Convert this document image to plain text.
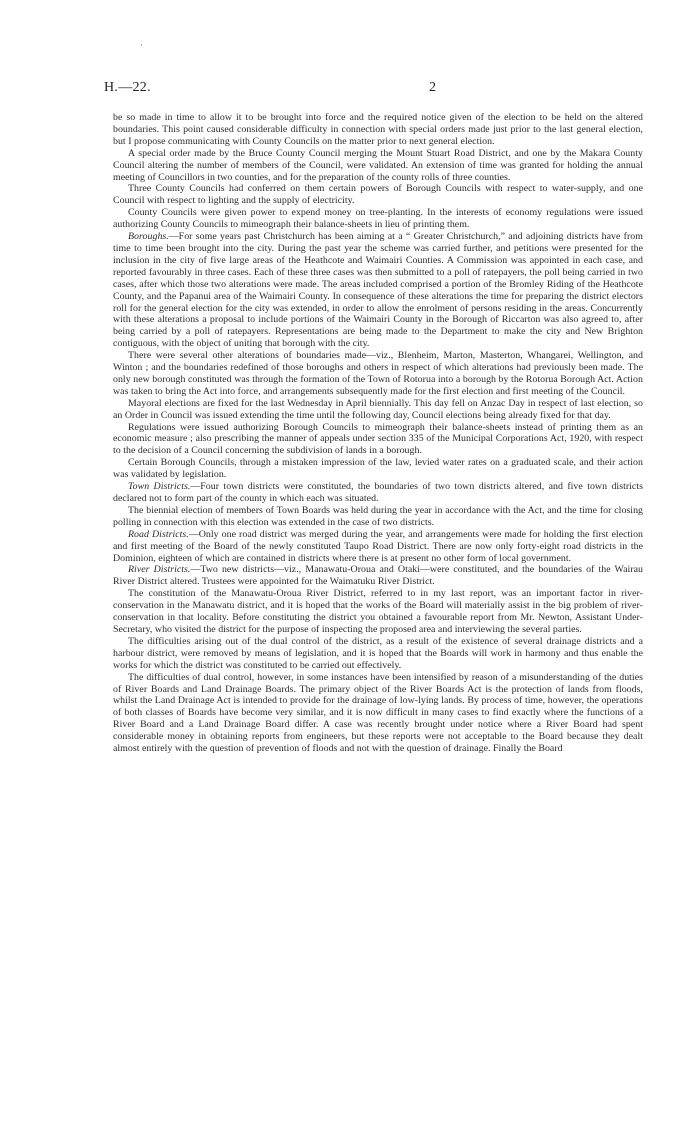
·
H.—22.	2

be so made in time to allow it to be brought into force and the required notice given of the election to be held on the altered boundaries. This point caused considerable difficulty in connection with special orders made just prior to the last general election, but I propose communicating with County Councils on the matter prior to next general election.

A special order made by the Bruce County Council merging the Mount Stuart Road District, and one by the Makara County Council altering the number of members of the Council, were validated. An extension of time was granted for holding the annual meeting of Councillors in two counties, and for the preparation of the county rolls of three counties.

Three County Councils had conferred on them certain powers of Borough Councils with respect to water-supply, and one Council with respect to lighting and the supply of electricity.

County Councils were given power to expend money on tree-planting. In the interests of economy regulations were issued authorizing County Councils to mimeograph their balance-sheets in lieu of printing them.

Boroughs.—For some years past Christchurch has been aiming at a “ Greater Christchurch,” and adjoining districts have from time to time been brought into the city. During the past year the scheme was carried further, and petitions were presented for the inclusion in the city of five large areas of the Heathcote and Waimairi Counties. A Commission was appointed in each case, and reported favourably in three cases. Each of these three cases was then submitted to a poll of ratepayers, the poll being carried in two cases, after which those two alterations were made. The areas included comprised a portion of the Bromley Riding of the Heathcote County, and the Papanui area of the Waimairi County. In consequence of these alterations the time for preparing the district electors roll for the general election for the city was extended, in order to allow the enrolment of persons residing in the areas. Concurrently with these alterations a proposal to include portions of the Waimairi County in the Borough of Riccarton was also agreed to, after being carried by a poll of ratepayers. Representations are being made to the Department to make the city and New Brighton contiguous, with the object of uniting that borough with the city.

There were several other alterations of boundaries made—viz., Blenheim, Marton, Masterton, Whangarei, Wellington, and Winton ; and the boundaries redefined of those boroughs and others in respect of which alterations had previously been made. The only new borough constituted was through the formation of the Town of Rotorua into a borough by the Rotorua Borough Act. Action was taken to bring the Act into force, and arrangements subsequently made for the first election and first meeting of the Council.

Mayoral elections are fixed for the last Wednesday in April biennially. This day fell on Anzac Day in respect of last election, so an Order in Council was issued extending the time until the following day, Council elections being already fixed for that day.

Regulations were issued authorizing Borough Councils to mimeograph their balance-sheets instead of printing them as an economic measure ; also prescribing the manner of appeals under section 335 of the Municipal Corporations Act, 1920, with respect to the decision of a Council concerning the subdivision of lands in a borough.

Certain Borough Councils, through a mistaken impression of the law, levied water rates on a graduated scale, and their action was validated by legislation.

Town Districts.—Four town districts were constituted, the boundaries of two town districts altered, and five town districts declared not to form part of the county in which each was situated.

The biennial election of members of Town Boards was held during the year in accordance with the Act, and the time for closing polling in connection with this election was extended in the case of two districts.

Road Districts.—Only one road district was merged during the year, and arrangements were made for holding the first election and first meeting of the Board of the newly constituted Taupo Road District. There are now only forty-eight road districts in the Dominion, eighteen of which are contained in districts where there is at present no other form of local government.

River Districts.—Two new districts—viz., Manawatu-Oroua and Otaki—were constituted, and the boundaries of the Wairau River District altered. Trustees were appointed for the Waimatuku River District.

The constitution of the Manawatu-Oroua River District, referred to in my last report, was an important factor in river-conservation in the Manawatu district, and it is hoped that the works of the Board will materially assist in the big problem of river-conservation in that locality. Before constituting the district you obtained a favourable report from Mr. Newton, Assistant Under-Secretary, who visited the district for the purpose of inspecting the proposed area and interviewing the several parties.

The difficulties arising out of the dual control of the district, as a result of the existence of several drainage districts and a harbour district, were removed by means of legislation, and it is hoped that the Boards will work in harmony and thus enable the works for which the district was constituted to be carried out effectively.

The difficulties of dual control, however, in some instances have been intensified by reason of a misunderstanding of the duties of River Boards and Land Drainage Boards. The primary object of the River Boards Act is the protection of lands from floods, whilst the Land Drainage Act is intended to provide for the drainage of low-lying lands. By process of time, however, the operations of both classes of Boards have become very similar, and it is now difficult in many cases to find exactly where the functions of a River Board and a Land Drainage Board differ. A case was recently brought under notice where a River Board had spent considerable money in obtaining reports from engineers, but these reports were not acceptable to the Board because they dealt almost entirely with the question of prevention of floods and not with the question of drainage. Finally the Board
